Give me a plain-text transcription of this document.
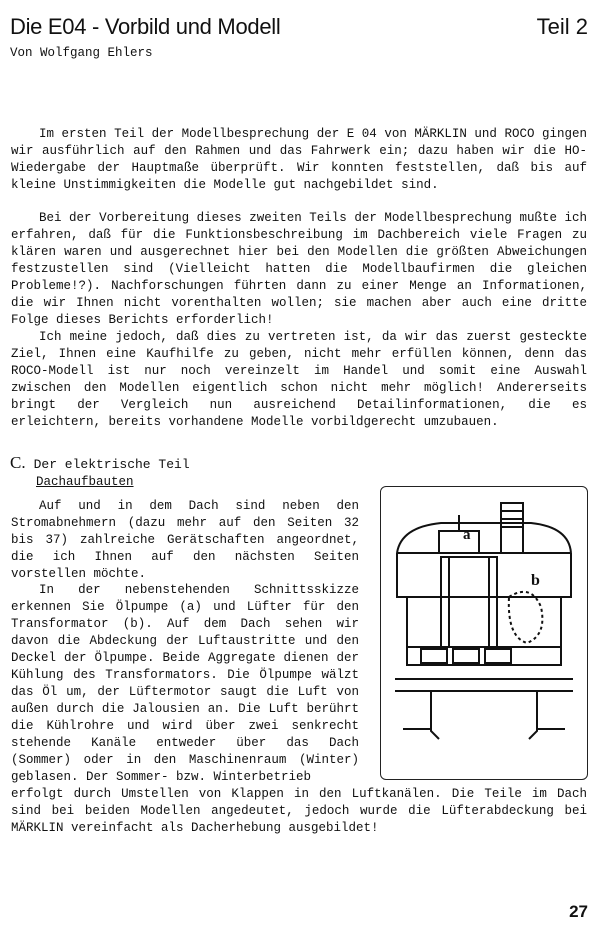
Die E04 - Vorbild und Modell	Teil 2
Von Wolfgang Ehlers

Im ersten Teil der Modellbesprechung der E 04 von MÄRKLIN und ROCO gingen wir ausführlich auf den Rahmen und das Fahrwerk ein; dazu haben wir die HO-Wiedergabe der Hauptmaße überprüft. Wir konnten feststellen, daß bis auf kleine Unstimmigkeiten die Modelle gut nachgebildet sind.

Bei der Vorbereitung dieses zweiten Teils der Modellbesprechung mußte ich erfahren, daß für die Funktionsbeschreibung im Dachbereich viele Fragen zu klären waren und ausgerechnet hier bei den Modellen die größten Abweichungen festzustellen sind (Vielleicht hatten die Modellbaufirmen die gleichen Probleme!?). Nachforschungen führten dann zu einer Menge an Informationen, die wir Ihnen nicht vorenthalten wollen; sie machen aber auch eine dritte Folge dieses Berichts erforderlich!

Ich meine jedoch, daß dies zu vertreten ist, da wir das zuerst gesteckte Ziel, Ihnen eine Kaufhilfe zu geben, nicht mehr erfüllen können, denn das ROCO-Modell ist nur noch vereinzelt im Handel und somit eine Auswahl zwischen den Modellen eigentlich schon nicht mehr möglich! Andererseits bringt der Vergleich nun ausreichend Detailinformationen, die es erleichtern, bereits vorhandene Modelle vorbildgerecht umzubauen.

C. Der elektrische Teil
Dachaufbauten

Auf und in dem Dach sind neben den Stromabnehmern (dazu mehr auf den Seiten 32 bis 37) zahlreiche Gerätschaften angeordnet, die ich Ihnen auf den nächsten Seiten vorstellen möchte.

In der nebenstehenden Schnittsskizze erkennen Sie Ölpumpe (a) und Lüfter für den Transformator (b). Auf dem Dach sehen wir davon die Abdeckung der Luftaustritte und den Deckel der Ölpumpe. Beide Aggregate dienen der Kühlung des Transformators. Die Ölpumpe wälzt das Öl um, der Lüftermotor saugt die Luft von außen durch die Jalousien an. Die Luft berührt die Kühlrohre und wird über zwei senkrecht stehende Kanäle entweder über das Dach (Sommer) oder in den Maschinenraum (Winter) geblasen. Der Sommer- bzw. Winterbetrieb
erfolgt durch Umstellen von Klappen in den Luftkanälen. Die Teile im Dach sind bei beiden Modellen angedeutet, jedoch wurde die Lüfterabdeckung bei MÄRKLIN vereinfacht als Dacherhebung ausgebildet!

a
b
27
